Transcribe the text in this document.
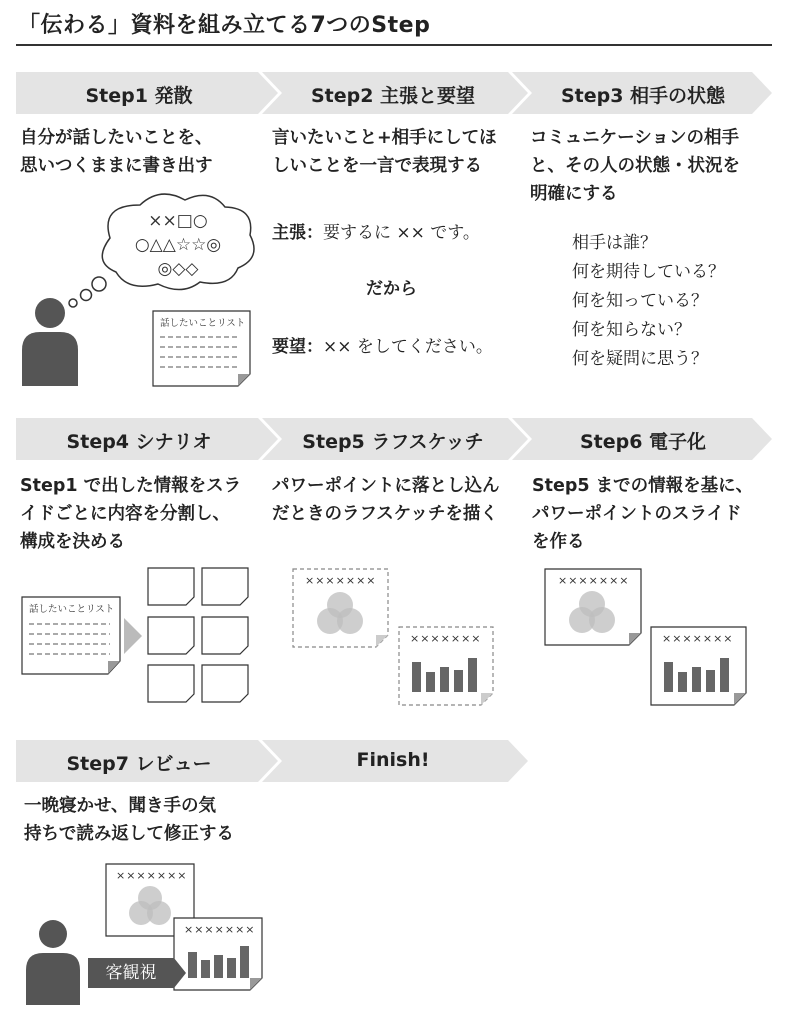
「伝わる」資料を組み立てる7つのStep
Step1 発散	Step2 主張と要望	Step3 相手の状態
Step4 シナリオ	Step5 ラフスケッチ	Step6 電子化
Step7 レビュー	Finish!
自分が話したいことを、
思いつくままに書き出す
言いたいこと+相手にしてほ
しいことを一言で表現する
コミュニケーションの相手
と、その人の状態・状況を
明確にする
Step1 で出した情報をスラ
イドごとに内容を分割し、
構成を決める
パワーポイントに落とし込ん
だときのラフスケッチを描く
Step5 までの情報を基に、
パワーポイントのスライド
を作る
一晩寝かせ、聞き手の気
持ちで読み返して修正する
主張：要するに ×× です。
だから
要望：×× をしてください。
相手は誰？
何を期待している？
何を知っている？
何を知らない？
何を疑問に思う？
××□○
○△△☆☆◎
◎◇◇
話したいことリスト
話したいことリスト
×××××××
×××××××
×××××××
×××××××
×××××××
×××××××
客観視
